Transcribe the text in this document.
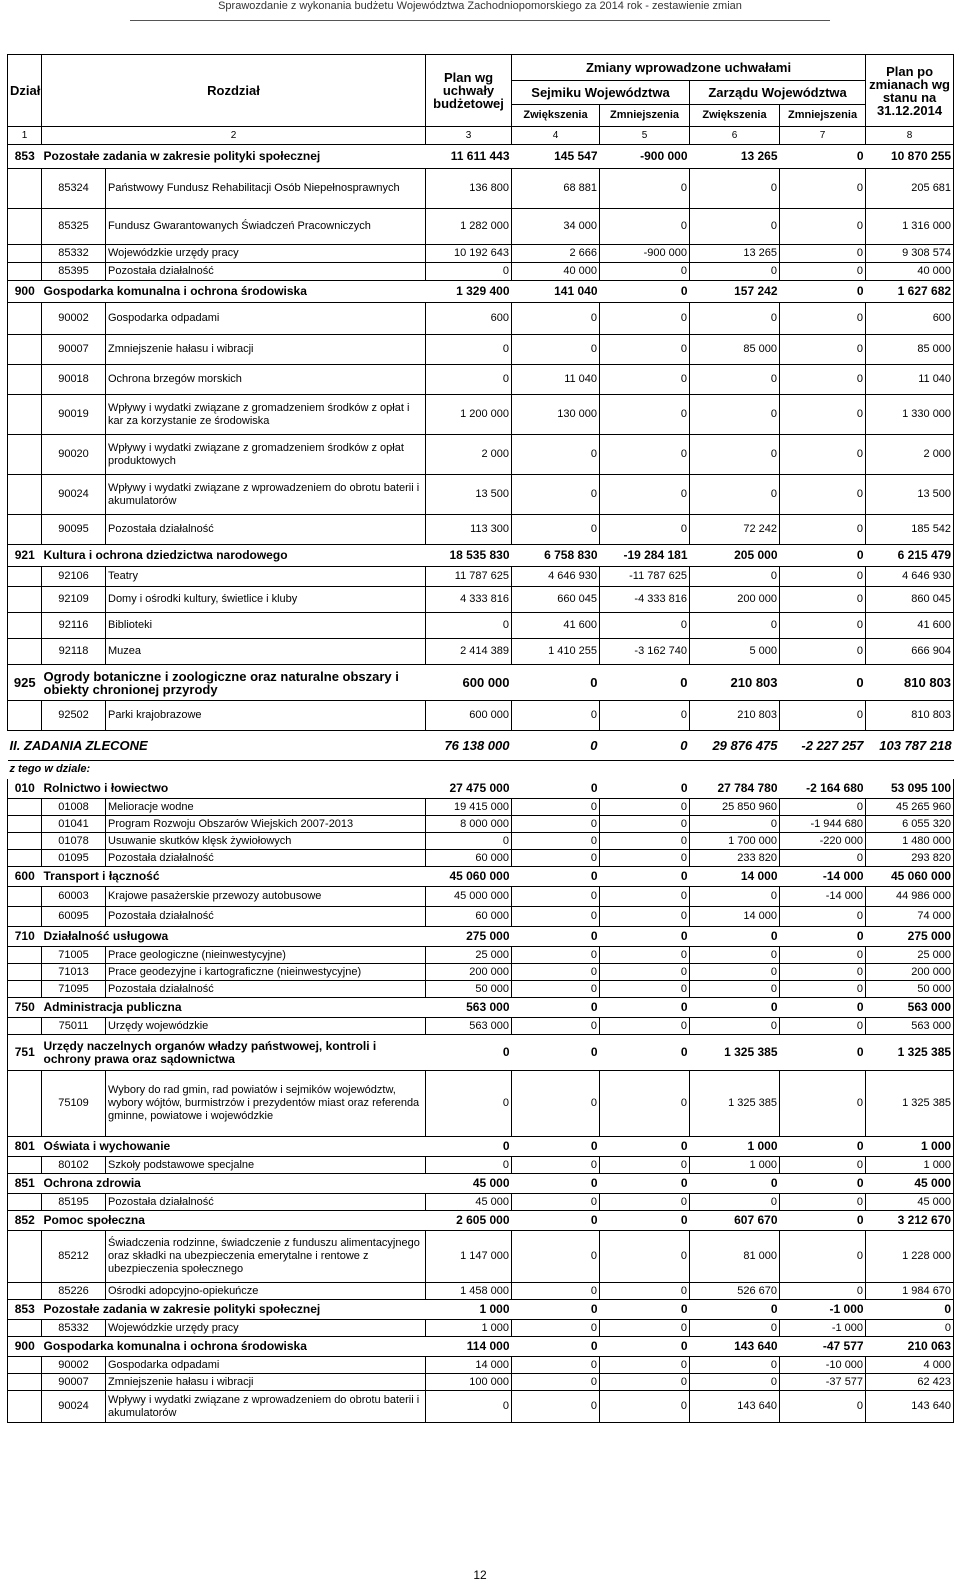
Sprawozdanie z wykonania budżetu Województwa Zachodniopomorskiego za 2014 rok - zestawienie zmian
Dział	Rozdział		Plan wg uchwały budżetowej	Zmiany wprowadzone uchwałami				Plan po zmianach wg stanu na 31.12.2014
				Sejmiku Województwa		Zarządu Województwa		
				Zwiększenia	Zmniejszenia	Zwiększenia	Zmniejszenia	
1	2		3	4	5	6	7	8
853	Pozostałe zadania w zakresie polityki społecznej		11 611 443	145 547	-900 000	13 265	0	10 870 255
	85324	Państwowy Fundusz Rehabilitacji Osób Niepełnosprawnych	136 800	68 881	0	0	0	205 681
	85325	Fundusz Gwarantowanych Świadczeń Pracowniczych	1 282 000	34 000	0	0	0	1 316 000
	85332	Wojewódzkie urzędy pracy	10 192 643	2 666	-900 000	13 265	0	9 308 574
	85395	Pozostała działalność	0	40 000	0	0	0	40 000
900	Gospodarka komunalna i ochrona środowiska		1 329 400	141 040	0	157 242	0	1 627 682
	90002	Gospodarka odpadami	600	0	0	0	0	600
	90007	Zmniejszenie hałasu i wibracji	0	0	0	85 000	0	85 000
	90018	Ochrona brzegów morskich	0	11 040	0	0	0	11 040
	90019	Wpływy i wydatki związane z gromadzeniem środków z opłat i kar za korzystanie ze środowiska	1 200 000	130 000	0	0	0	1 330 000
	90020	Wpływy i wydatki związane z gromadzeniem środków z opłat produktowych	2 000	0	0	0	0	2 000
	90024	Wpływy i wydatki związane z wprowadzeniem do obrotu baterii i akumulatorów	13 500	0	0	0	0	13 500
	90095	Pozostała działalność	113 300	0	0	72 242	0	185 542
921	Kultura i ochrona dziedzictwa narodowego		18 535 830	6 758 830	-19 284 181	205 000	0	6 215 479
	92106	Teatry	11 787 625	4 646 930	-11 787 625	0	0	4 646 930
	92109	Domy i ośrodki kultury, świetlice i kluby	4 333 816	660 045	-4 333 816	200 000	0	860 045
	92116	Biblioteki	0	41 600	0	0	0	41 600
	92118	Muzea	2 414 389	1 410 255	-3 162 740	5 000	0	666 904
925	Ogrody botaniczne i zoologiczne oraz naturalne obszary i obiekty chronionej przyrody		600 000	0	0	210 803	0	810 803
	92502	Parki krajobrazowe	600 000	0	0	210 803	0	810 803
II. ZADANIA ZLECONE			76 138 000	0	0	29 876 475	-2 227 257	103 787 218
z tego w dziale:								
010	Rolnictwo i łowiectwo		27 475 000	0	0	27 784 780	-2 164 680	53 095 100
	01008	Melioracje wodne	19 415 000	0	0	25 850 960	0	45 265 960
	01041	Program Rozwoju Obszarów Wiejskich 2007-2013	8 000 000	0	0	0	-1 944 680	6 055 320
	01078	Usuwanie skutków klęsk żywiołowych	0	0	0	1 700 000	-220 000	1 480 000
	01095	Pozostała działalność	60 000	0	0	233 820	0	293 820
600	Transport i łączność		45 060 000	0	0	14 000	-14 000	45 060 000
	60003	Krajowe pasażerskie przewozy autobusowe	45 000 000	0	0	0	-14 000	44 986 000
	60095	Pozostała działalność	60 000	0	0	14 000	0	74 000
710	Działalność usługowa		275 000	0	0	0	0	275 000
	71005	Prace geologiczne (nieinwestycyjne)	25 000	0	0	0	0	25 000
	71013	Prace geodezyjne i kartograficzne (nieinwestycyjne)	200 000	0	0	0	0	200 000
	71095	Pozostała działalność	50 000	0	0	0	0	50 000
750	Administracja publiczna		563 000	0	0	0	0	563 000
	75011	Urzędy wojewódzkie	563 000	0	0	0	0	563 000
751	Urzędy naczelnych organów władzy państwowej, kontroli i ochrony prawa oraz sądownictwa		0	0	0	1 325 385	0	1 325 385
	75109	Wybory do rad gmin, rad powiatów i sejmików województw, wybory wójtów, burmistrzów i prezydentów miast oraz referenda gminne, powiatowe i wojewódzkie	0	0	0	1 325 385	0	1 325 385
801	Oświata i wychowanie		0	0	0	1 000	0	1 000
	80102	Szkoły podstawowe specjalne	0	0	0	1 000	0	1 000
851	Ochrona zdrowia		45 000	0	0	0	0	45 000
	85195	Pozostała działalność	45 000	0	0	0	0	45 000
852	Pomoc społeczna		2 605 000	0	0	607 670	0	3 212 670
	85212	Świadczenia rodzinne, świadczenie z funduszu alimentacyjnego oraz składki na ubezpieczenia emerytalne i rentowe z ubezpieczenia społecznego	1 147 000	0	0	81 000	0	1 228 000
	85226	Ośrodki adopcyjno-opiekuńcze	1 458 000	0	0	526 670	0	1 984 670
853	Pozostałe zadania w zakresie polityki społecznej		1 000	0	0	0	-1 000	0
	85332	Wojewódzkie urzędy pracy	1 000	0	0	0	-1 000	0
900	Gospodarka komunalna i ochrona środowiska		114 000	0	0	143 640	-47 577	210 063
	90002	Gospodarka odpadami	14 000	0	0	0	-10 000	4 000
	90007	Zmniejszenie hałasu i wibracji	100 000	0	0	0	-37 577	62 423
	90024	Wpływy i wydatki związane z wprowadzeniem do obrotu baterii i akumulatorów	0	0	0	143 640	0	143 640
12
